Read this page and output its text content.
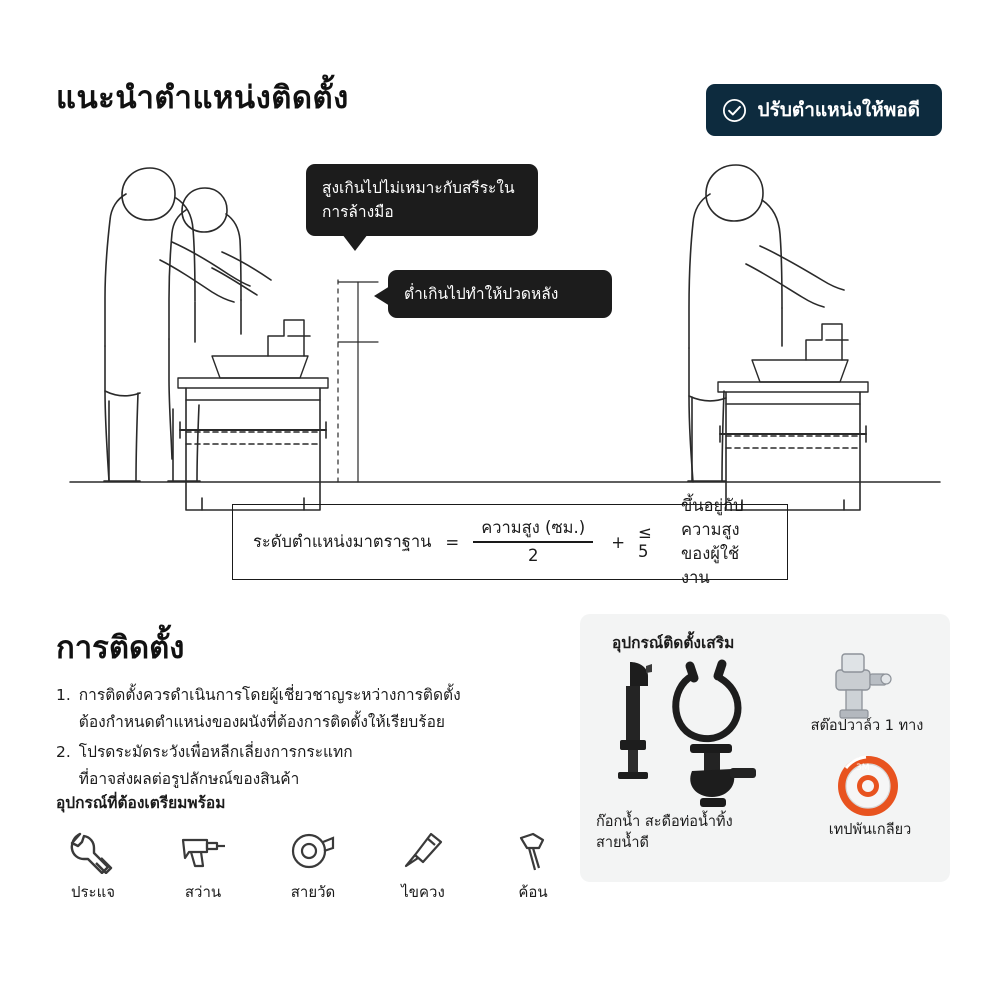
แนะนำตำแหน่งติดตั้ง	ปรับตำแหน่งให้พอดี
สูงเกินไปไม่เหมาะกับสรีระในการล้างมือ
ต่ำเกินไปทำให้ปวดหลัง
ระดับตำแหน่งมาตราฐาน = $\frac{\text{ความสูง (ซม.)}}{2}$ + ≤ 5
ขึ้นอยู่กับความสูง
ของผู้ใช้งาน
การติดตั้ง
1. การติดตั้งควรดำเนินการโดยผู้เชี่ยวชาญระหว่างการติดตั้ง
ต้องกำหนดตำแหน่งของผนังที่ต้องการติดตั้งให้เรียบร้อย
2. โปรดระมัดระวังเพื่อหลีกเลี่ยงการกระแทก
ที่อาจส่งผลต่อรูปลักษณ์ของสินค้า
อุปกรณ์ที่ต้องเตรียมพร้อม
ประแจ	สว่าน	สายวัด	ไขควง	ค้อน
อุปกรณ์ติดตั้งเสริม
3M
สต๊อปวาล์ว 1 ทาง
เทปพันเกลียว
ก๊อกน้ำ สะดือท่อน้ำทิ้ง
สายน้ำดี
